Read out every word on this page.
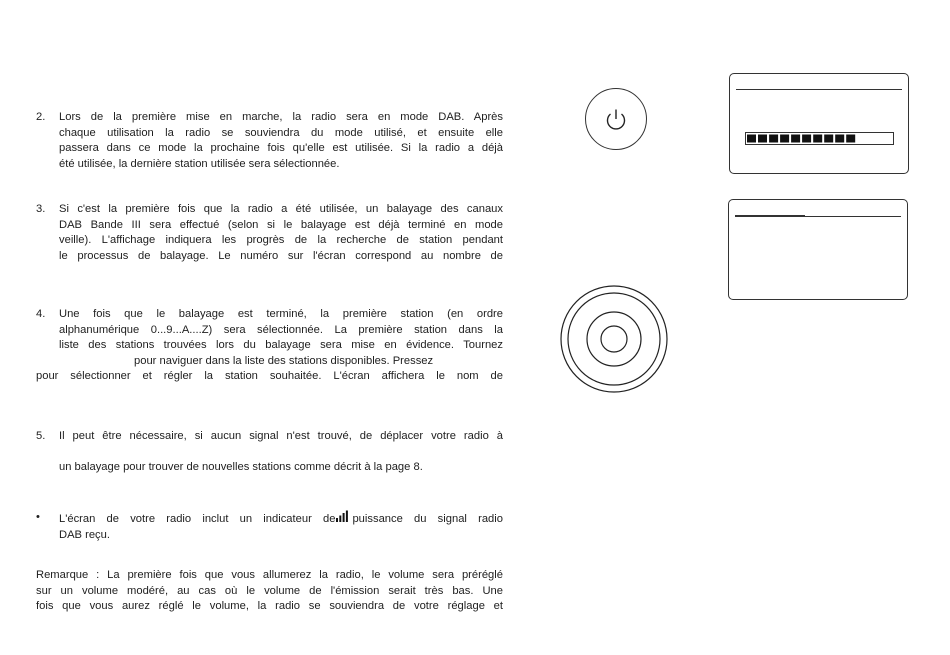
2. Lors de la première mise en marche, la radio sera en mode DAB. Après
chaque utilisation la radio se souviendra du mode utilisé, et ensuite elle
passera dans ce mode la prochaine fois qu'elle est utilisée. Si la radio a déjà
été utilisée, la dernière station utilisée sera sélectionnée.
3. Si c'est la première fois que la radio a été utilisée, un balayage des canaux
DAB Bande III sera effectué (selon si le balayage est déjà terminé en mode
veille). L'affichage indiquera les progrès de la recherche de station pendant
le processus de balayage. Le numéro sur l'écran correspond au nombre de
4. Une fois que le balayage est terminé, la première station (en ordre
alphanumérique 0...9...A....Z) sera sélectionnée. La première station dans la
liste des stations trouvées lors du balayage sera mise en évidence. Tournez
pour naviguer dans la liste des stations disponibles. Pressez
pour sélectionner et régler la station souhaitée. L'écran affichera le nom de
5. Il peut être nécessaire, si aucun signal n'est trouvé, de déplacer votre radio à
un balayage pour trouver de nouvelles stations comme décrit à la page 8.
• L'écran de votre radio inclut un indicateur de puissance du signal radio
DAB reçu.
Remarque : La première fois que vous allumerez la radio, le volume sera préréglé
sur un volume modéré, au cas où le volume de l'émission serait très bas. Une
fois que vous aurez réglé le volume, la radio se souviendra de votre réglage et
